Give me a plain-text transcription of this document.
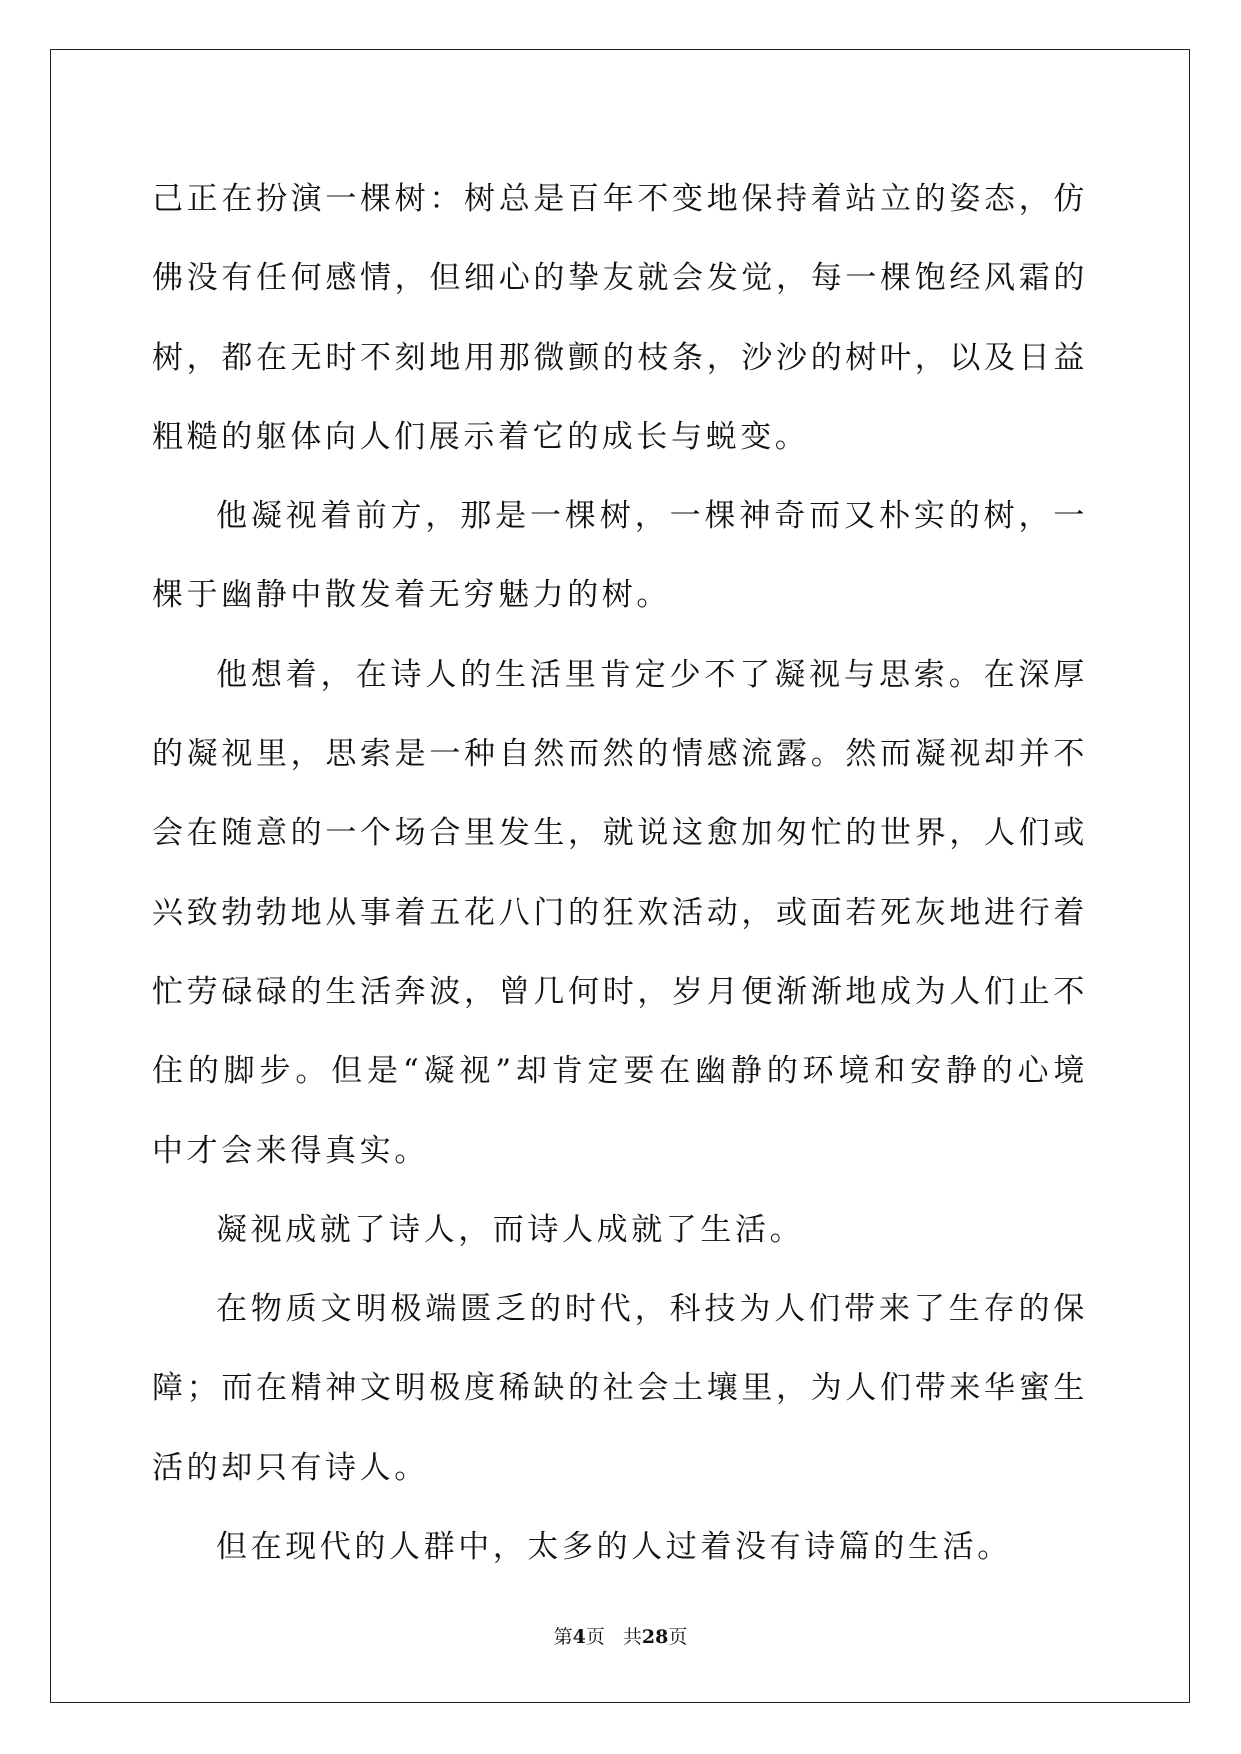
己正在扮演一棵树：树总是百年不变地保持着站立的姿态，仿佛没有任何感情，但细心的挚友就会发觉，每一棵饱经风霜的树，都在无时不刻地用那微颤的枝条，沙沙的树叶，以及日益粗糙的躯体向人们展示着它的成长与蜕变。

他凝视着前方，那是一棵树，一棵神奇而又朴实的树，一棵于幽静中散发着无穷魅力的树。

他想着，在诗人的生活里肯定少不了凝视与思索。在深厚的凝视里，思索是一种自然而然的情感流露。然而凝视却并不会在随意的一个场合里发生，就说这愈加匆忙的世界，人们或兴致勃勃地从事着五花八门的狂欢活动，或面若死灰地进行着忙劳碌碌的生活奔波，曾几何时，岁月便渐渐地成为人们止不住的脚步。但是“凝视”却肯定要在幽静的环境和安静的心境中才会来得真实。

凝视成就了诗人，而诗人成就了生活。

在物质文明极端匮乏的时代，科技为人们带来了生存的保障；而在精神文明极度稀缺的社会土壤里，为人们带来华蜜生活的却只有诗人。

但在现代的人群中，太多的人过着没有诗篇的生活。

第4页 共28页
